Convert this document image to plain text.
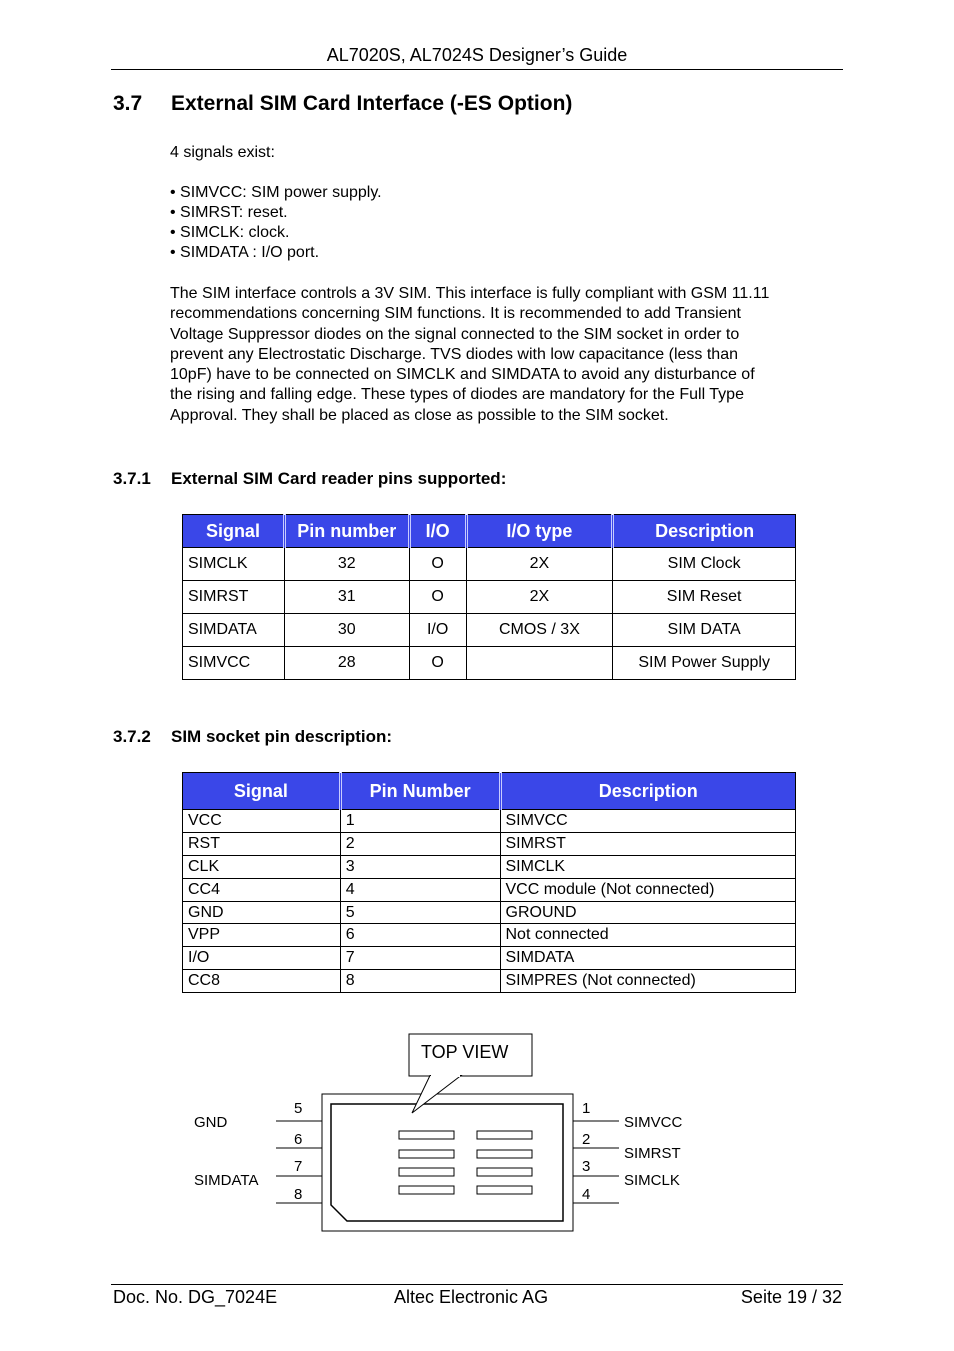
AL7020S, AL7024S Designer’s Guide
3.7 External SIM Card Interface (-ES Option)
4 signals exist:
• SIMVCC: SIM power supply.
• SIMRST: reset.
• SIMCLK: clock.
• SIMDATA : I/O port.
The SIM interface controls a 3V SIM. This interface is fully compliant with GSM 11.11
recommendations concerning SIM functions. It is recommended to add Transient
Voltage Suppressor diodes on the signal connected to the SIM socket in order to
prevent any Electrostatic Discharge. TVS diodes with low capacitance (less than
10pF) have to be connected on SIMCLK and SIMDATA to avoid any disturbance of
the rising and falling edge. These types of diodes are mandatory for the Full Type
Approval. They shall be placed as close as possible to the SIM socket.
3.7.1 External SIM Card reader pins supported:
Signal	Pin number	I/O	I/O type	Description
SIMCLK	32	O	2X	SIM Clock
SIMRST	31	O	2X	SIM Reset
SIMDATA	30	I/O	CMOS / 3X	SIM DATA
SIMVCC	28	O		SIM Power Supply
3.7.2 SIM socket pin description:
Signal	Pin Number	Description
VCC	1	SIMVCC
RST	2	SIMRST
CLK	3	SIMCLK
CC4	4	VCC module (Not connected)
GND	5	GROUND
VPP	6	Not connected
I/O	7	SIMDATA
CC8	8	SIMPRES (Not connected)
TOP VIEW
5
6
7
8
1
2
3
4
GND
SIMDATA
SIMVCC
SIMRST
SIMCLK
Doc. No. DG_7024E	Altec Electronic AG	Seite 19 / 32
